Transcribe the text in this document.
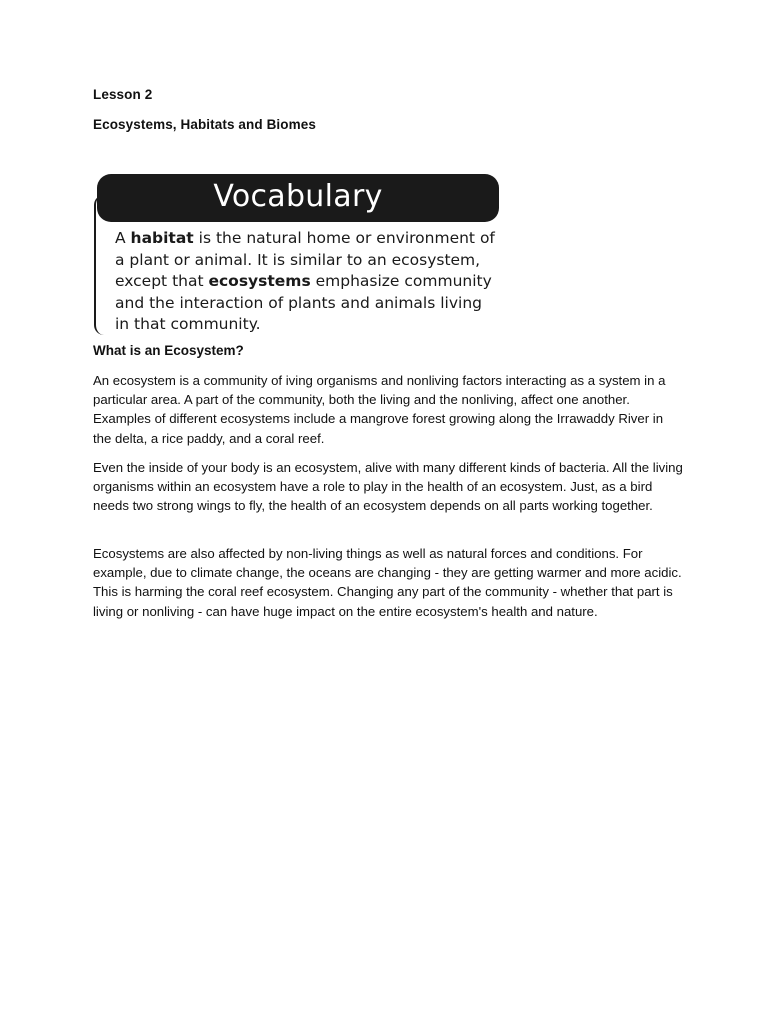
Lesson 2
Ecosystems, Habitats and Biomes
Vocabulary
A habitat is the natural home or environment of a plant or animal. It is similar to an ecosystem, except that ecosystems emphasize community and the interaction of plants and animals living in that community.
What is an Ecosystem?
An ecosystem is a community of iving organisms and nonliving factors interacting as a system in a particular area. A part of the community, both the living and the nonliving, affect one another. Examples of different ecosystems include a mangrove forest growing along the Irrawaddy River in the delta, a rice paddy, and a coral reef.
Even the inside of your body is an ecosystem, alive with many different kinds of bacteria. All the living organisms within an ecosystem have a role to play in the health of an ecosystem. Just, as a bird needs two strong wings to fly, the health of an ecosystem depends on all parts working together.
Ecosystems are also affected by non-living things as well as natural forces and conditions. For example, due to climate change, the oceans are changing - they are getting warmer and more acidic. This is harming the coral reef ecosystem. Changing any part of the community - whether that part is living or nonliving - can have huge impact on the entire ecosystem's health and nature.
